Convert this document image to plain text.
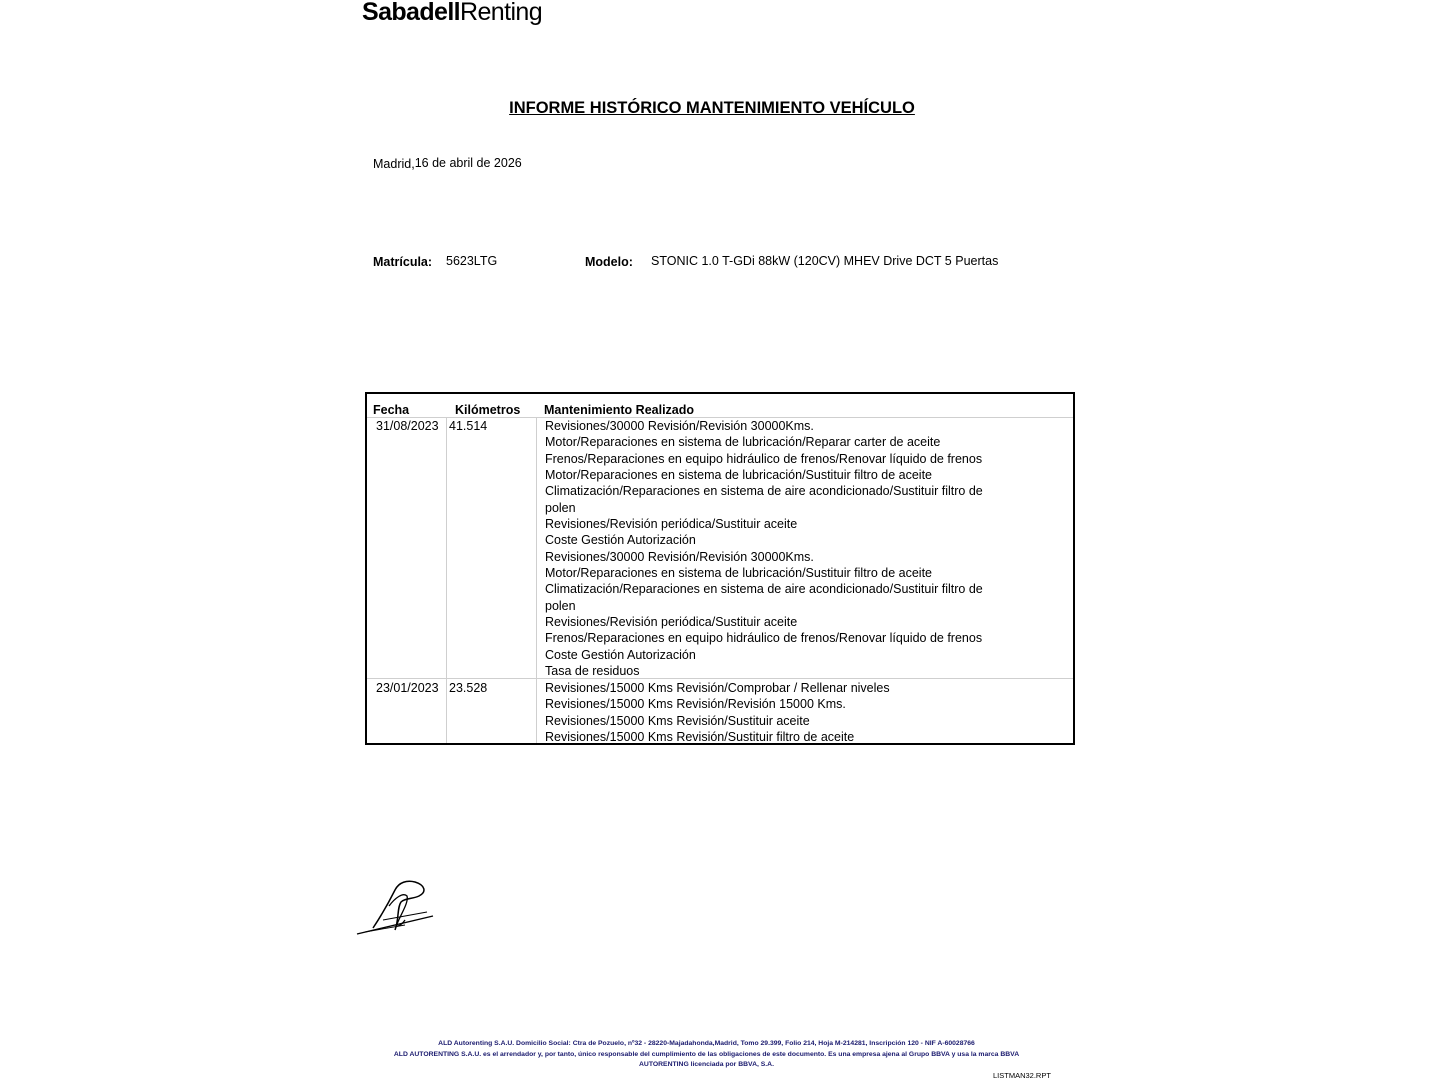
SabadellRenting
INFORME HISTÓRICO MANTENIMIENTO VEHÍCULO
Madrid,16 de abril de 2026
Matrícula: 5623LTG	Modelo: STONIC 1.0 T-GDi 88kW (120CV) MHEV Drive DCT 5 Puertas
Fecha	Kilómetros Mantenimiento Realizado
31/08/2023 41.514	Revisiones/30000 Revisión/Revisión 30000Kms.
Motor/Reparaciones en sistema de lubricación/Reparar carter de aceite
Frenos/Reparaciones en equipo hidráulico de frenos/Renovar líquido de frenos
Motor/Reparaciones en sistema de lubricación/Sustituir filtro de aceite
Climatización/Reparaciones en sistema de aire acondicionado/Sustituir filtro de polen
Revisiones/Revisión periódica/Sustituir aceite
Coste Gestión Autorización
Revisiones/30000 Revisión/Revisión 30000Kms.
Motor/Reparaciones en sistema de lubricación/Sustituir filtro de aceite
Climatización/Reparaciones en sistema de aire acondicionado/Sustituir filtro de polen
Revisiones/Revisión periódica/Sustituir aceite
Frenos/Reparaciones en equipo hidráulico de frenos/Renovar líquido de frenos
Coste Gestión Autorización
Tasa de residuos
23/01/2023 23.528	Revisiones/15000 Kms Revisión/Comprobar / Rellenar niveles
Revisiones/15000 Kms Revisión/Revisión 15000 Kms.
Revisiones/15000 Kms Revisión/Sustituir aceite
Revisiones/15000 Kms Revisión/Sustituir filtro de aceite
ALD Autorenting S.A.U. Domicilio Social: Ctra de Pozuelo, nº32 - 28220-Majadahonda,Madrid, Tomo 29.399, Folio 214, Hoja M-214281, Inscripción 120 - NIF A-60028766
ALD AUTORENTING S.A.U. es el arrendador y, por tanto, único responsable del cumplimiento de las obligaciones de este documento. Es una empresa ajena al Grupo BBVA y usa la marca BBVA
AUTORENTING licenciada por BBVA, S.A.
LISTMAN32.RPT
